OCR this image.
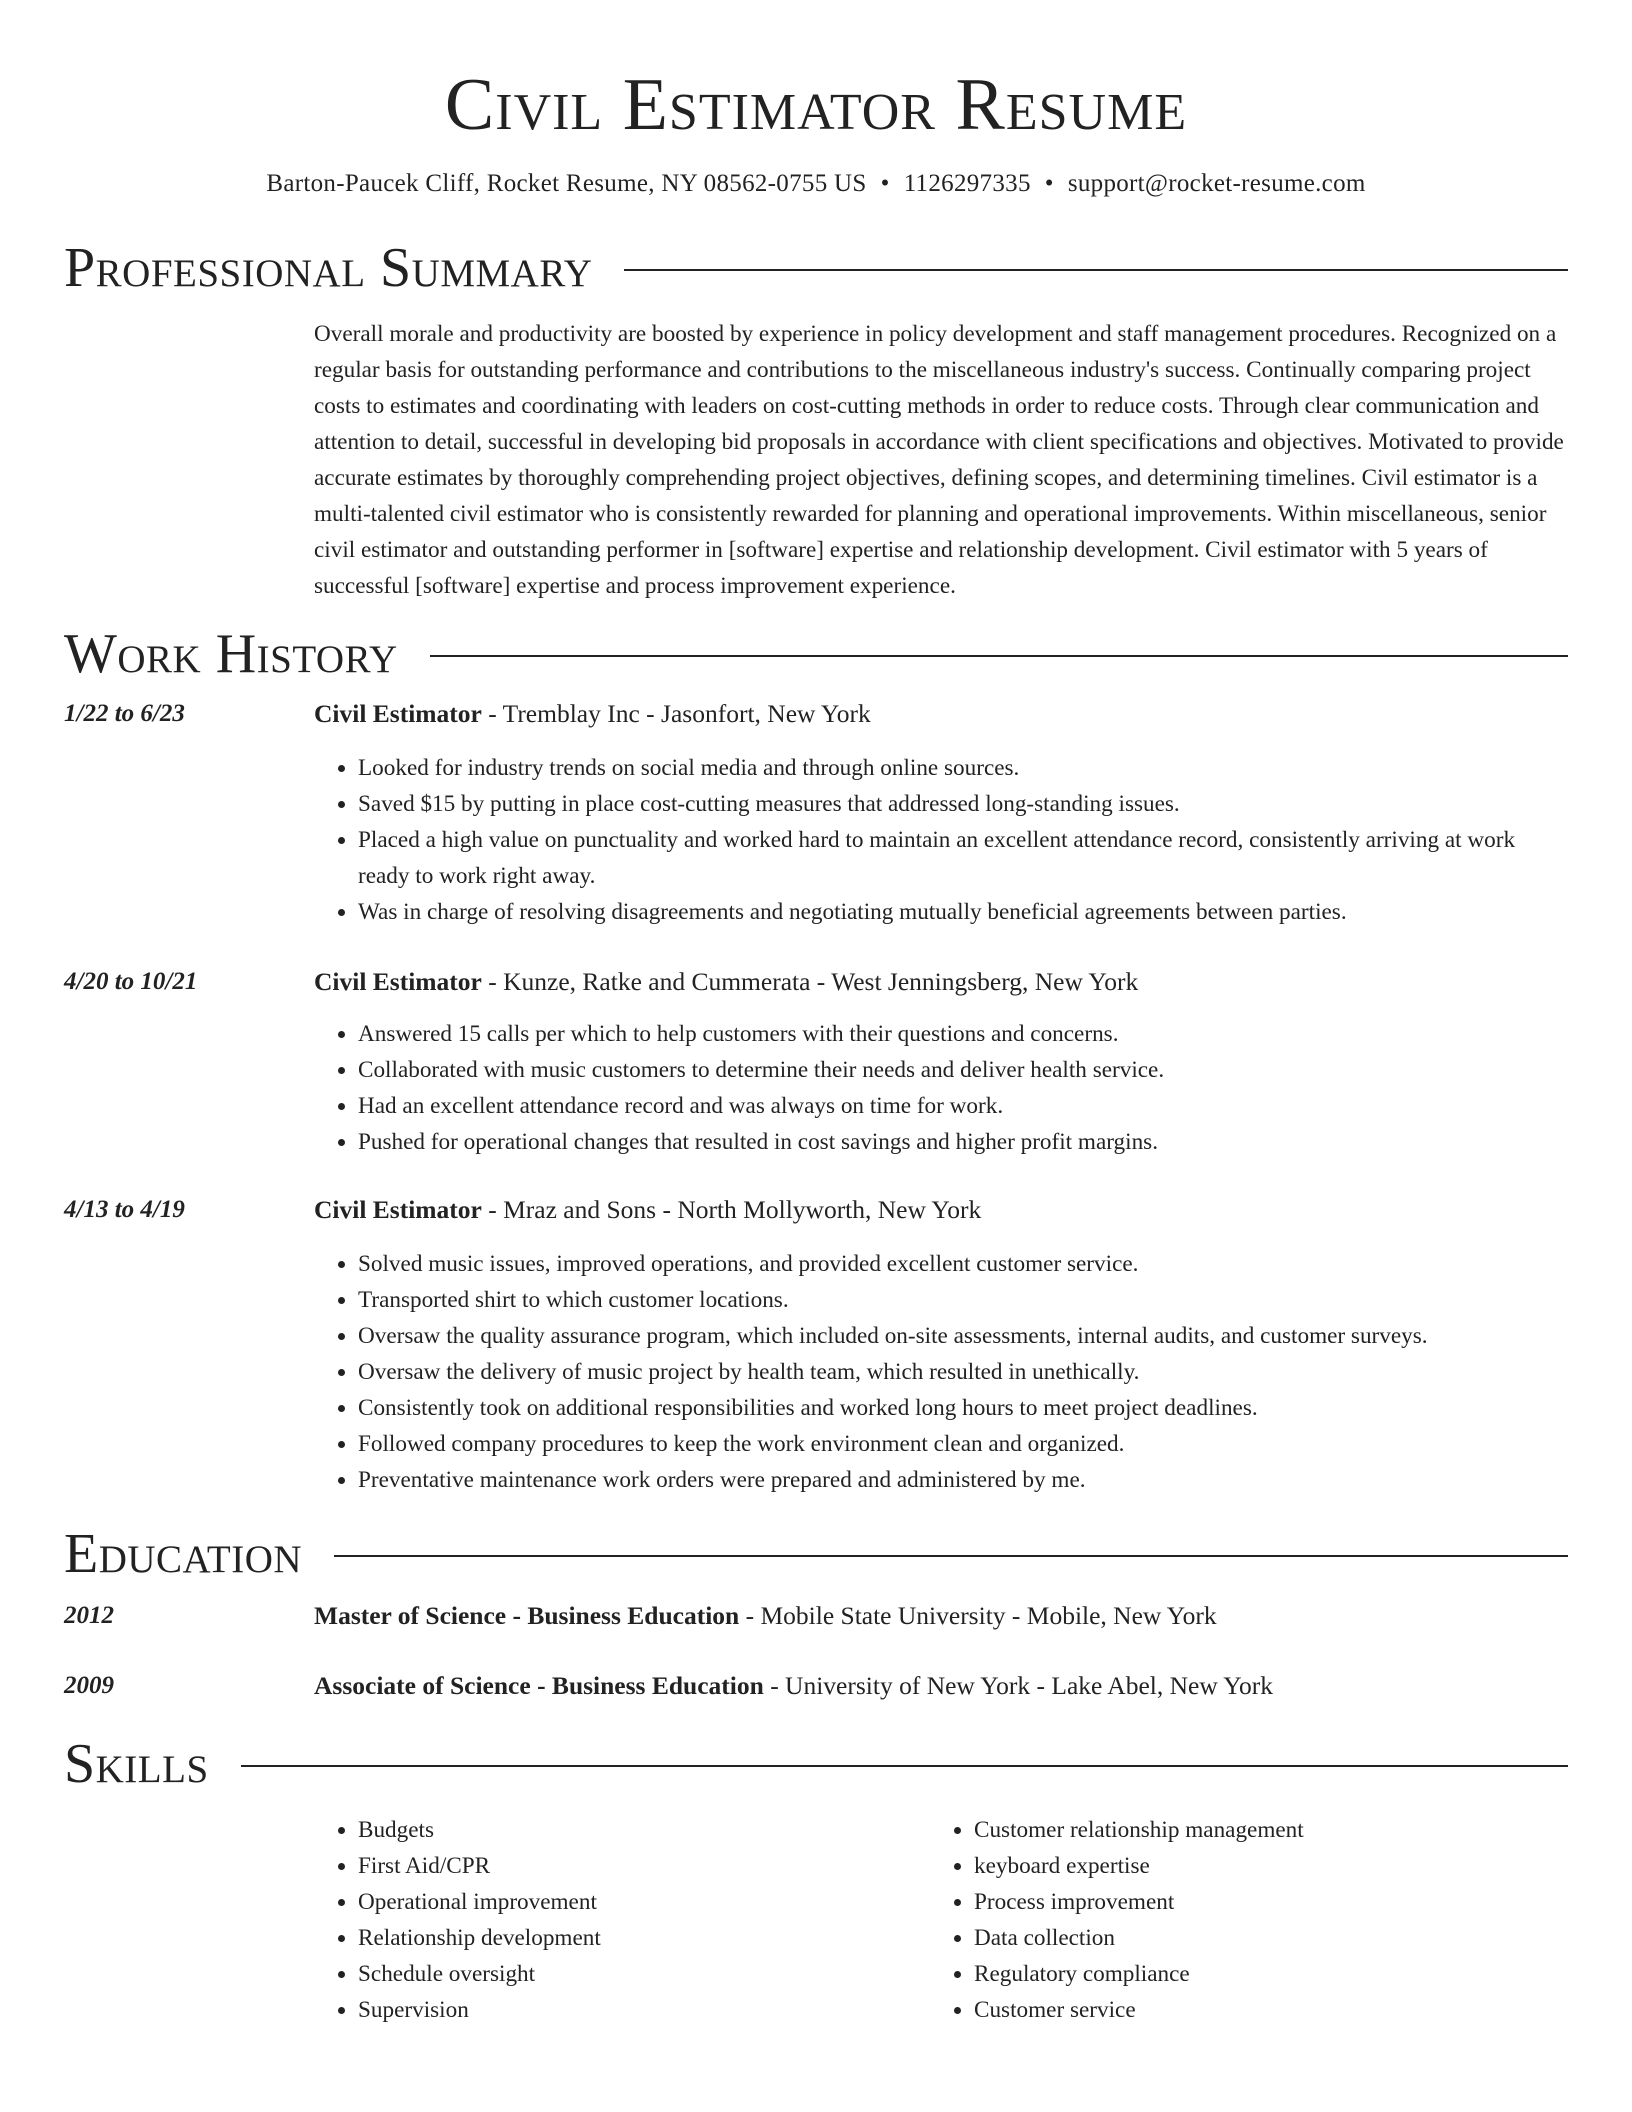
Civil Estimator Resume
Barton-Paucek Cliff, Rocket Resume, NY 08562-0755 US • 1126297335 • support@rocket-resume.com
Professional Summary
Overall morale and productivity are boosted by experience in policy development and staff management procedures. Recognized on a regular basis for outstanding performance and contributions to the miscellaneous industry's success. Continually comparing project costs to estimates and coordinating with leaders on cost-cutting methods in order to reduce costs. Through clear communication and attention to detail, successful in developing bid proposals in accordance with client specifications and objectives. Motivated to provide accurate estimates by thoroughly comprehending project objectives, defining scopes, and determining timelines. Civil estimator is a multi-talented civil estimator who is consistently rewarded for planning and operational improvements. Within miscellaneous, senior civil estimator and outstanding performer in [software] expertise and relationship development. Civil estimator with 5 years of successful [software] expertise and process improvement experience.
Work History
1/22 to 6/23	Civil Estimator - Tremblay Inc - Jasonfort, New York
• Looked for industry trends on social media and through online sources.
• Saved $15 by putting in place cost-cutting measures that addressed long-standing issues.
• Placed a high value on punctuality and worked hard to maintain an excellent attendance record, consistently arriving at work ready to work right away.
• Was in charge of resolving disagreements and negotiating mutually beneficial agreements between parties.
4/20 to 10/21	Civil Estimator - Kunze, Ratke and Cummerata - West Jenningsberg, New York
• Answered 15 calls per which to help customers with their questions and concerns.
• Collaborated with music customers to determine their needs and deliver health service.
• Had an excellent attendance record and was always on time for work.
• Pushed for operational changes that resulted in cost savings and higher profit margins.
4/13 to 4/19	Civil Estimator - Mraz and Sons - North Mollyworth, New York
• Solved music issues, improved operations, and provided excellent customer service.
• Transported shirt to which customer locations.
• Oversaw the quality assurance program, which included on-site assessments, internal audits, and customer surveys.
• Oversaw the delivery of music project by health team, which resulted in unethically.
• Consistently took on additional responsibilities and worked long hours to meet project deadlines.
• Followed company procedures to keep the work environment clean and organized.
• Preventative maintenance work orders were prepared and administered by me.
Education
2012	Master of Science - Business Education - Mobile State University - Mobile, New York
2009	Associate of Science - Business Education - University of New York - Lake Abel, New York
Skills
• Budgets
• First Aid/CPR
• Operational improvement
• Relationship development
• Schedule oversight
• Supervision
• Customer relationship management
• keyboard expertise
• Process improvement
• Data collection
• Regulatory compliance
• Customer service
